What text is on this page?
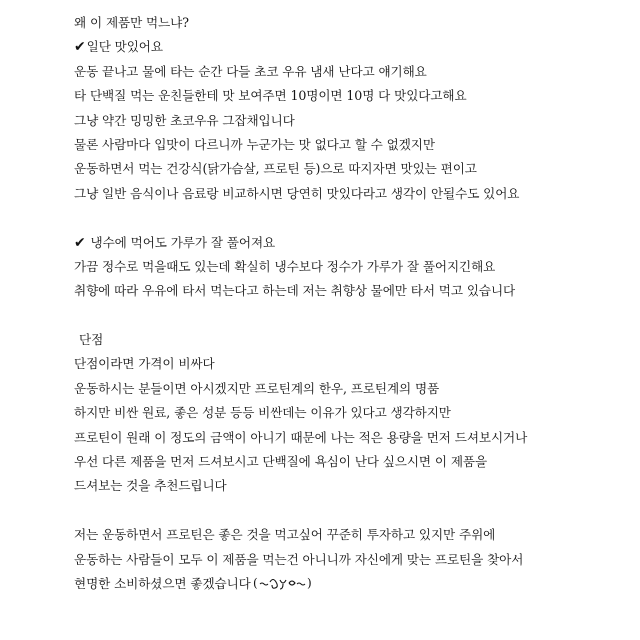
왜 이 제품만 먹느냐?
✔일단 맛있어요
운동 끝나고 물에 타는 순간 다들 초코 우유 냄새 난다고 얘기해요
타 단백질 먹는 운친들한테 맛 보여주면 10명이면 10명 다 맛있다고해요
그냥 약간 밍밍한 초코우유 그잡채입니다
물론 사람마다 입맛이 다르니까 누군가는 맛 없다고 할 수 없겠지만
운동하면서 먹는 건강식(닭가슴살, 프로틴 등)으로 따지자면 맛있는 편이고
그냥 일반 음식이나 음료랑 비교하시면 당연히 맛있다라고 생각이 안될수도 있어요
✔ 냉수에 먹어도 가루가 잘 풀어져요
가끔 정수로 먹을때도 있는데 확실히 냉수보다 정수가 가루가 잘 풀어지긴해요
취향에 따라 우유에 타서 먹는다고 하는데 저는 취향상 물에만 타서 먹고 있습니다
단점
단점이라면 가격이 비싸다
운동하시는 분들이면 아시겠지만 프로틴계의 한우, 프로틴계의 명품
하지만 비싼 원료, 좋은 성분 등등 비싼데는 이유가 있다고 생각하지만
프로틴이 원래 이 정도의 금액이 아니기 때문에 나는 적은 용량을 먼저 드셔보시거나
우선 다른 제품을 먼저 드셔보시고 단백질에 욕심이 난다 싶으시면 이 제품을
드셔보는 것을 추천드립니다
저는 운동하면서 프로틴은 좋은 것을 먹고싶어 꾸준히 투자하고 있지만 주위에
운동하는 사람들이 모두 이 제품을 먹는건 아니니까 자신에게 맞는 프로틴을 찾아서
현명한 소비하셨으면 좋겠습니다 (	)
